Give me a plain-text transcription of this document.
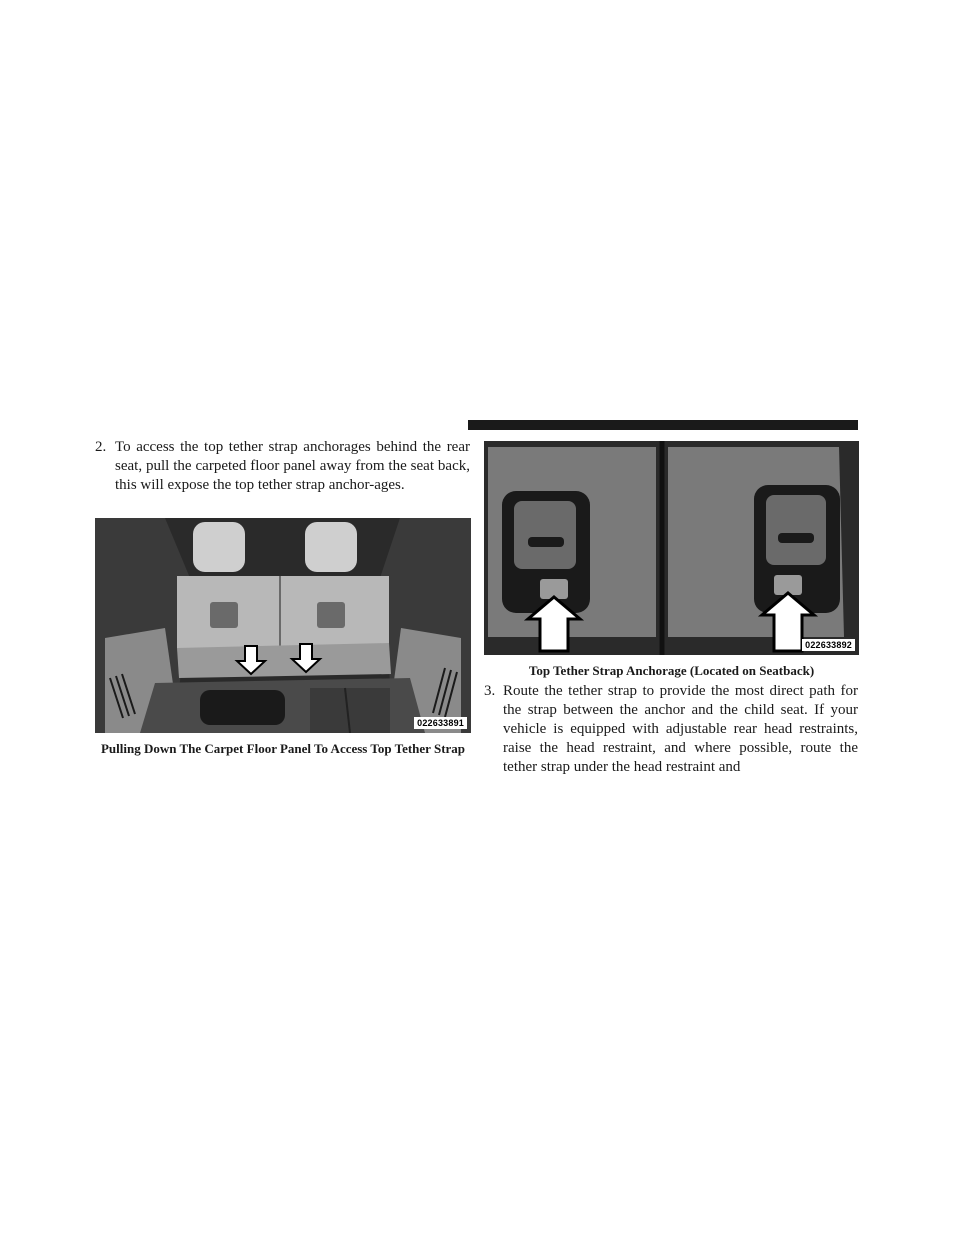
2. To access the top tether strap anchorages behind the rear seat, pull the carpeted floor panel away from the seat back, this will expose the top tether strap anchor-ages.
022633891
Pulling Down The Carpet Floor Panel To Access Top Tether Strap
022633892
Top Tether Strap Anchorage (Located on Seatback)
3. Route the tether strap to provide the most direct path for the strap between the anchor and the child seat. If your vehicle is equipped with adjustable rear head restraints, raise the head restraint, and where possible, route the tether strap under the head restraint and
